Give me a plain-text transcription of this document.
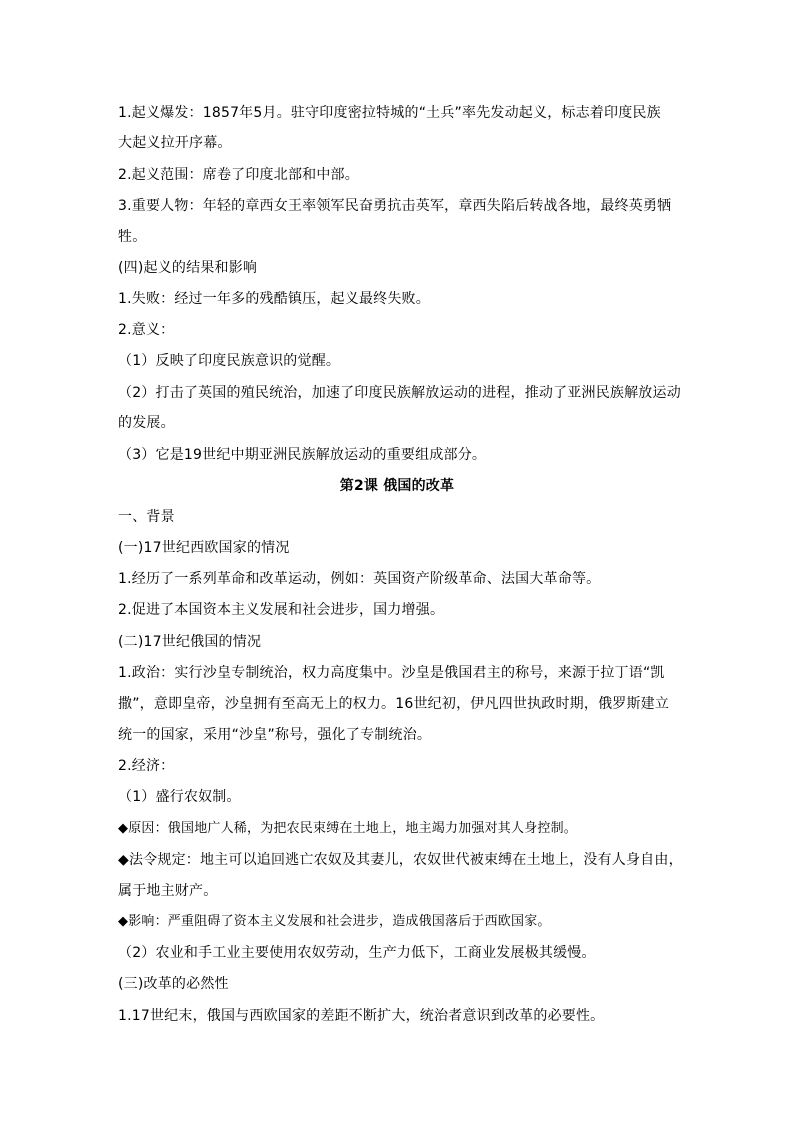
1.起义爆发：1857年5月。驻守印度密拉特城的“土兵”率先发动起义，标志着印度民族
大起义拉开序幕。
2.起义范围：席卷了印度北部和中部。
3.重要人物：年轻的章西女王率领军民奋勇抗击英军，章西失陷后转战各地，最终英勇牺
牲。
(四)起义的结果和影响
1.失败：经过一年多的残酷镇压，起义最终失败。
2.意义：
（1）反映了印度民族意识的觉醒。
（2）打击了英国的殖民统治，加速了印度民族解放运动的进程，推动了亚洲民族解放运动
的发展。
（3）它是19世纪中期亚洲民族解放运动的重要组成部分。
第2课 俄国的改革
一、背景
(一)17世纪西欧国家的情况
1.经历了一系列革命和改革运动，例如：英国资产阶级革命、法国大革命等。
2.促进了本国资本主义发展和社会进步，国力增强。
(二)17世纪俄国的情况
1.政治：实行沙皇专制统治，权力高度集中。沙皇是俄国君主的称号，来源于拉丁语“凯
撒”，意即皇帝，沙皇拥有至高无上的权力。16世纪初，伊凡四世执政时期，俄罗斯建立
统一的国家，采用“沙皇”称号，强化了专制统治。
2.经济：
（1）盛行农奴制。
◆原因：俄国地广人稀，为把农民束缚在土地上，地主竭力加强对其人身控制。
◆法令规定：地主可以追回逃亡农奴及其妻儿，农奴世代被束缚在土地上，没有人身自由，
属于地主财产。
◆影响：严重阻碍了资本主义发展和社会进步，造成俄国落后于西欧国家。
（2）农业和手工业主要使用农奴劳动，生产力低下，工商业发展极其缓慢。
(三)改革的必然性
1.17世纪末，俄国与西欧国家的差距不断扩大，统治者意识到改革的必要性。
